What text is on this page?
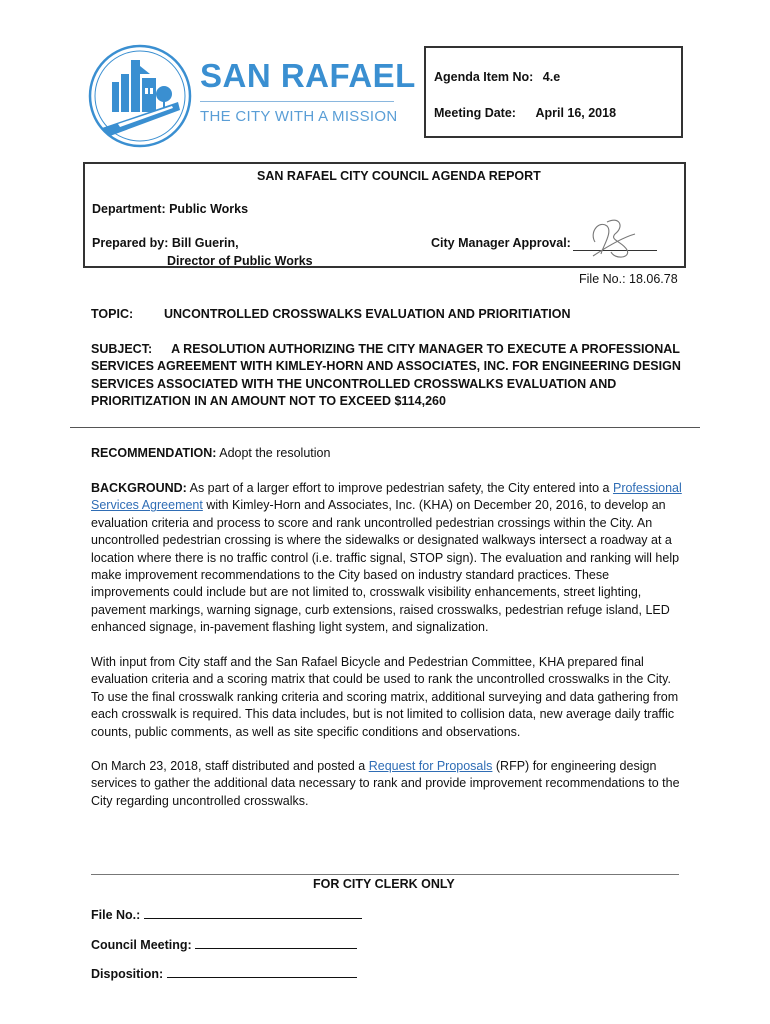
SAN RAFAEL
THE CITY WITH A MISSION
Agenda Item No: 4.e
Meeting Date: April 16, 2018
SAN RAFAEL CITY COUNCIL AGENDA REPORT
Department: Public Works
Prepared by: Bill Guerin,
Director of Public Works
City Manager Approval:
File No.: 18.06.78
TOPIC: UNCONTROLLED CROSSWALKS EVALUATION AND PRIORITIATION
SUBJECT: A RESOLUTION AUTHORIZING THE CITY MANAGER TO EXECUTE A PROFESSIONAL SERVICES AGREEMENT WITH KIMLEY-HORN AND ASSOCIATES, INC. FOR ENGINEERING DESIGN SERVICES ASSOCIATED WITH THE UNCONTROLLED CROSSWALKS EVALUATION AND PRIORITIZATION IN AN AMOUNT NOT TO EXCEED $114,260
RECOMMENDATION: Adopt the resolution
BACKGROUND: As part of a larger effort to improve pedestrian safety, the City entered into a Professional Services Agreement with Kimley-Horn and Associates, Inc. (KHA) on December 20, 2016, to develop an evaluation criteria and process to score and rank uncontrolled pedestrian crossings within the City. An uncontrolled pedestrian crossing is where the sidewalks or designated walkways intersect a roadway at a location where there is no traffic control (i.e. traffic signal, STOP sign). The evaluation and ranking will help make improvement recommendations to the City based on industry standard practices. These improvements could include but are not limited to, crosswalk visibility enhancements, street lighting, pavement markings, warning signage, curb extensions, raised crosswalks, pedestrian refuge island, LED enhanced signage, in-pavement flashing light system, and signalization.
With input from City staff and the San Rafael Bicycle and Pedestrian Committee, KHA prepared final evaluation criteria and a scoring matrix that could be used to rank the uncontrolled crosswalks in the City. To use the final crosswalk ranking criteria and scoring matrix, additional surveying and data gathering from each crosswalk is required. This data includes, but is not limited to collision data, new average daily traffic counts, public comments, as well as site specific conditions and observations.
On March 23, 2018, staff distributed and posted a Request for Proposals (RFP) for engineering design services to gather the additional data necessary to rank and provide improvement recommendations to the City regarding uncontrolled crosswalks.
FOR CITY CLERK ONLY
File No.:
Council Meeting:
Disposition:
